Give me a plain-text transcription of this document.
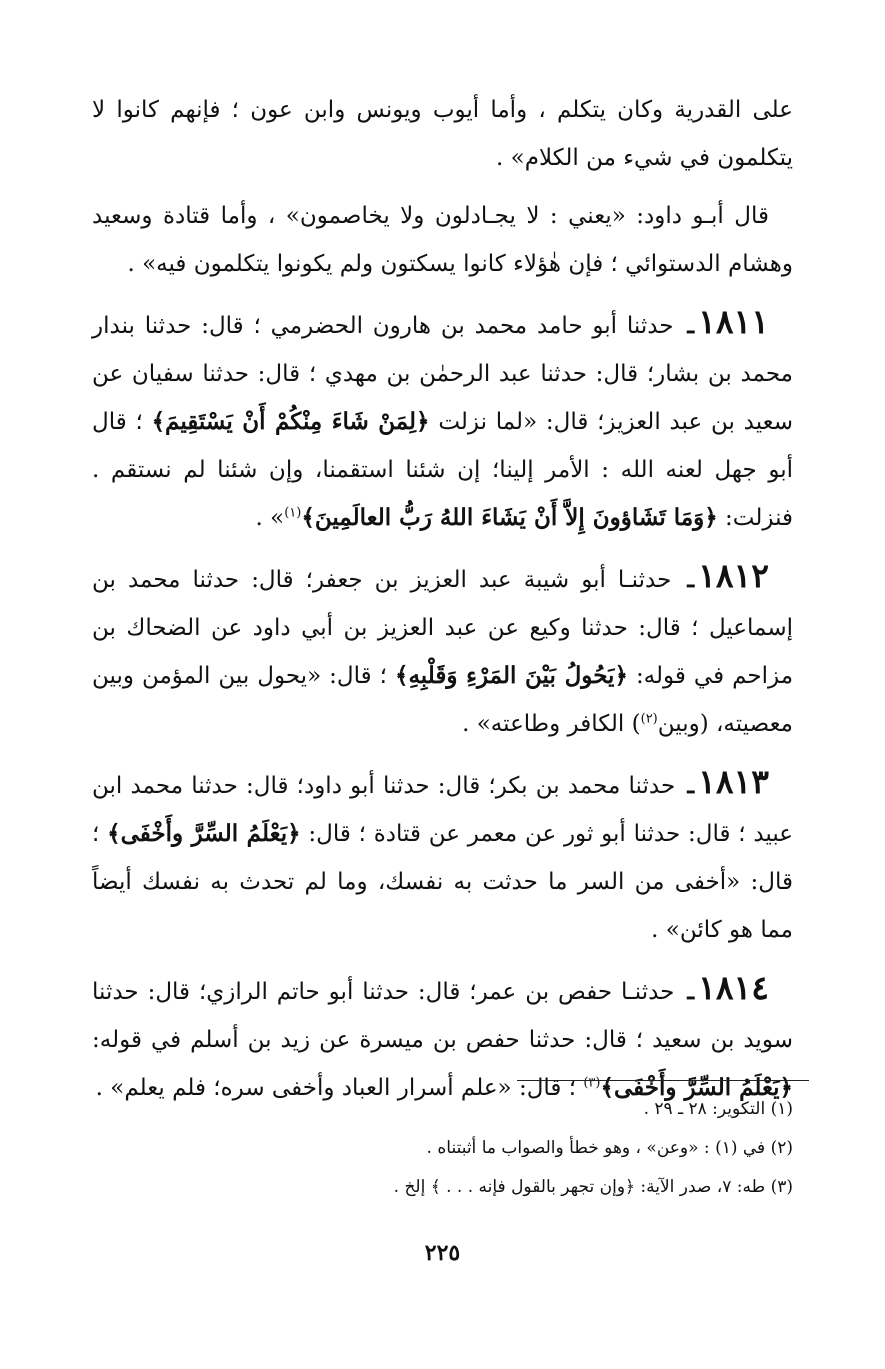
على القدرية وكان يتكلم ، وأما أيوب ويونس وابن عون ؛ فإنهم كانوا لا يتكلمون في شيء من الكلام» .

قال أبـو داود: «يعني : لا يجـادلون ولا يخاصمون» ، وأما قتادة وسعيد وهشام الدستوائي ؛ فإن هٰؤلاء كانوا يسكتون ولم يكونوا يتكلمون فيه» .

١٨١١ـ حدثنا أبو حامد محمد بن هارون الحضرمي ؛ قال: حدثنا بندار محمد بن بشار؛ قال: حدثنا عبد الرحمٰن بن مهدي ؛ قال: حدثنا سفيان عن سعيد بن عبد العزيز؛ قال: «لما نزلت ﴿لِمَنْ شَاءَ مِنْكُمْ أَنْ يَسْتَقِيمَ﴾ ؛ قال أبو جهل لعنه الله : الأمر إلينا؛ إن شئنا استقمنا، وإن شئنا لم نستقم . فنزلت: ﴿وَمَا تَشَاؤونَ إِلاَّ أَنْ يَشَاءَ اللهُ رَبُّ العالَمِينَ﴾$^{(١)}$» .

١٨١٢ـ حدثنـا أبو شيبة عبد العزيز بن جعفر؛ قال: حدثنا محمد بن إسماعيل ؛ قال: حدثنا وكيع عن عبد العزيز بن أبي داود عن الضحاك بن مزاحم في قوله: ﴿يَحُولُ بَيْنَ المَرْءِ وَقَلْبِهِ﴾ ؛ قال: «يحول بين المؤمن وبين معصيته، (وبين$^{(٢)}$) الكافر وطاعته» .

١٨١٣ـ حدثنا محمد بن بكر؛ قال: حدثنا أبو داود؛ قال: حدثنا محمد ابن عبيد ؛ قال: حدثنا أبو ثور عن معمر عن قتادة ؛ قال: ﴿يَعْلَمُ السِّرَّ وأَخْفَى﴾ ؛ قال: «أخفى من السر ما حدثت به نفسك، وما لم تحدث به نفسك أيضاً مما هو كائن» .

١٨١٤ـ حدثنـا حفص بن عمر؛ قال: حدثنا أبو حاتم الرازي؛ قال: حدثنا سويد بن سعيد ؛ قال: حدثنا حفص بن ميسرة عن زيد بن أسلم في قوله: ﴿يَعْلَمُ السِّرَّ وأَخْفَى﴾$^{(٣)}$ ؛ قال: «علم أسرار العباد وأخفى سره؛ فلم يعلم» .

(١) التكوير: ٢٨ ـ ٢٩ .

(٢) في (١) : «وعن» ، وهو خطأ والصواب ما أثبتناه .

(٣) طه: ٧، صدر الآية: ﴿وإن تجهر بالقول فإنه . . . ﴾ إلخ .

٢٢٥
